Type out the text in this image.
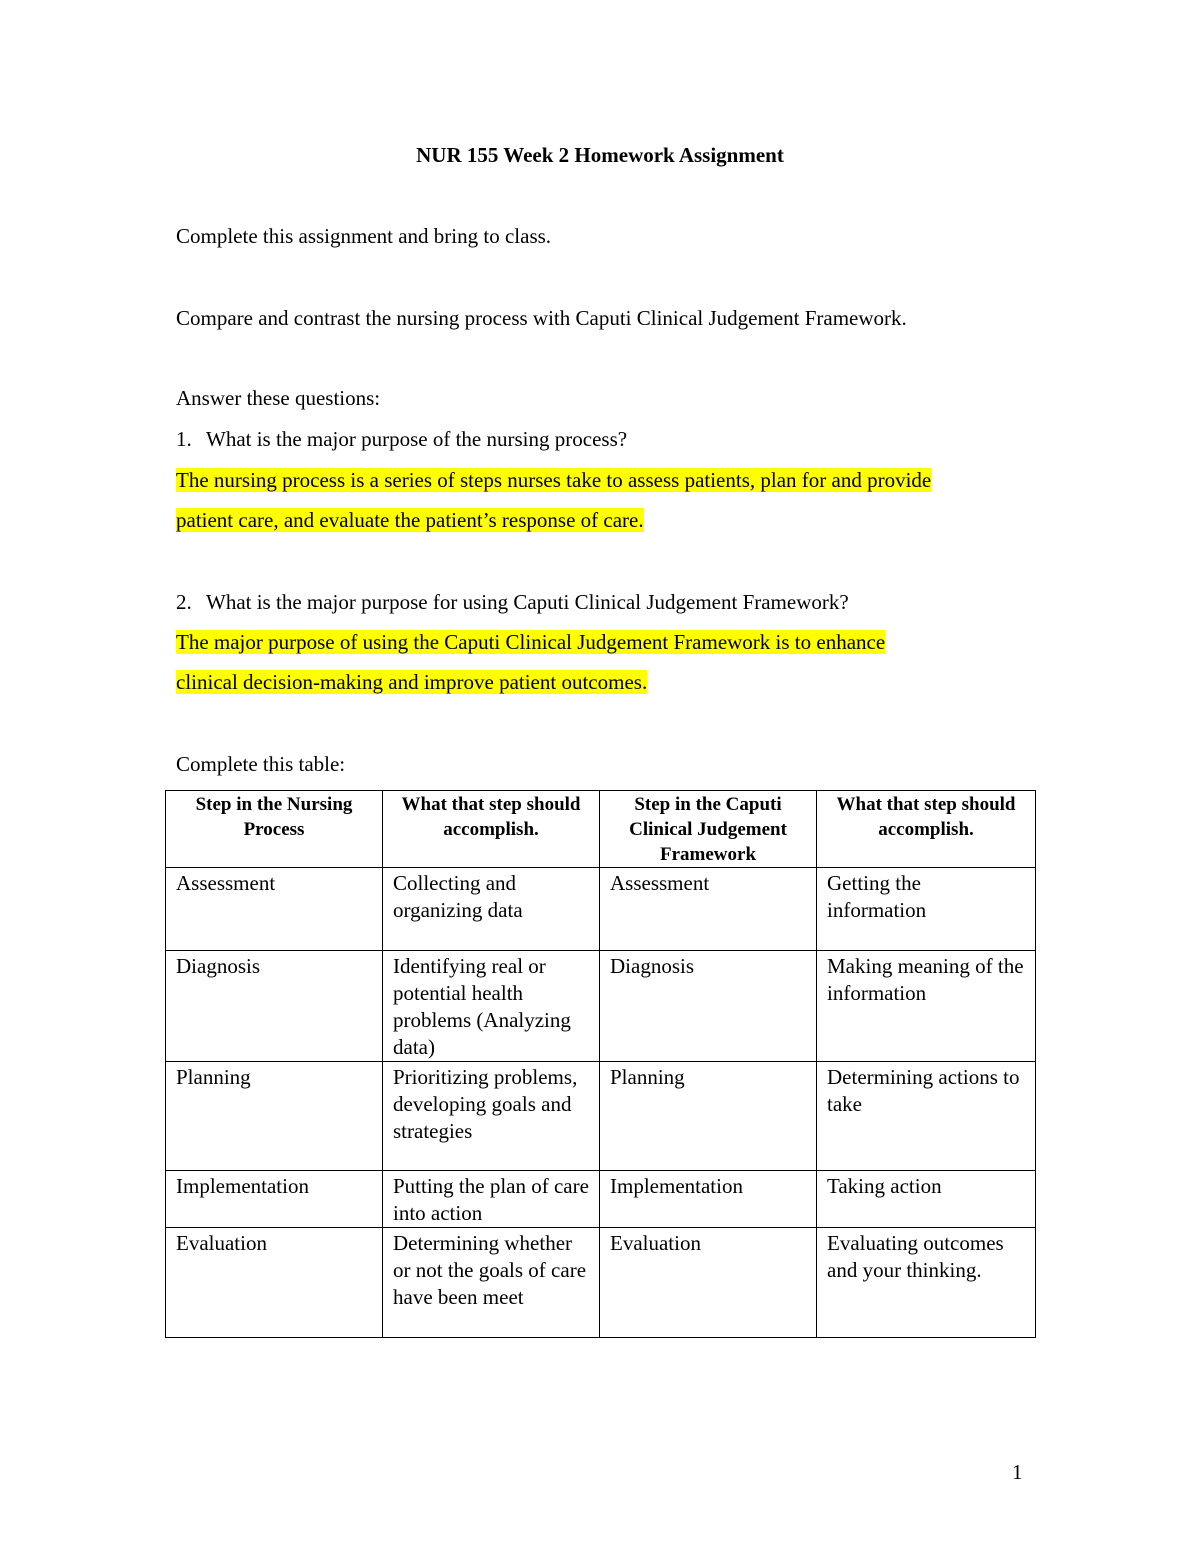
NUR 155 Week 2 Homework Assignment
Complete this assignment and bring to class.
Compare and contrast the nursing process with Caputi Clinical Judgement Framework.
Answer these questions:
1. What is the major purpose of the nursing process?
The nursing process is a series of steps nurses take to assess patients, plan for and provide
patient care, and evaluate the patient’s response of care.
2. What is the major purpose for using Caputi Clinical Judgement Framework?
The major purpose of using the Caputi Clinical Judgement Framework is to enhance
clinical decision-making and improve patient outcomes.
Complete this table:
Step in the Nursing Process	What that step should accomplish.	Step in the Caputi Clinical Judgement Framework	What that step should accomplish.
Assessment	Collecting and organizing data	Assessment	Getting the information
Diagnosis	Identifying real or potential health problems (Analyzing data)	Diagnosis	Making meaning of the information
Planning	Prioritizing problems, developing goals and strategies	Planning	Determining actions to take
Implementation	Putting the plan of care into action	Implementation	Taking action
Evaluation	Determining whether or not the goals of care have been meet	Evaluation	Evaluating outcomes and your thinking.
1
